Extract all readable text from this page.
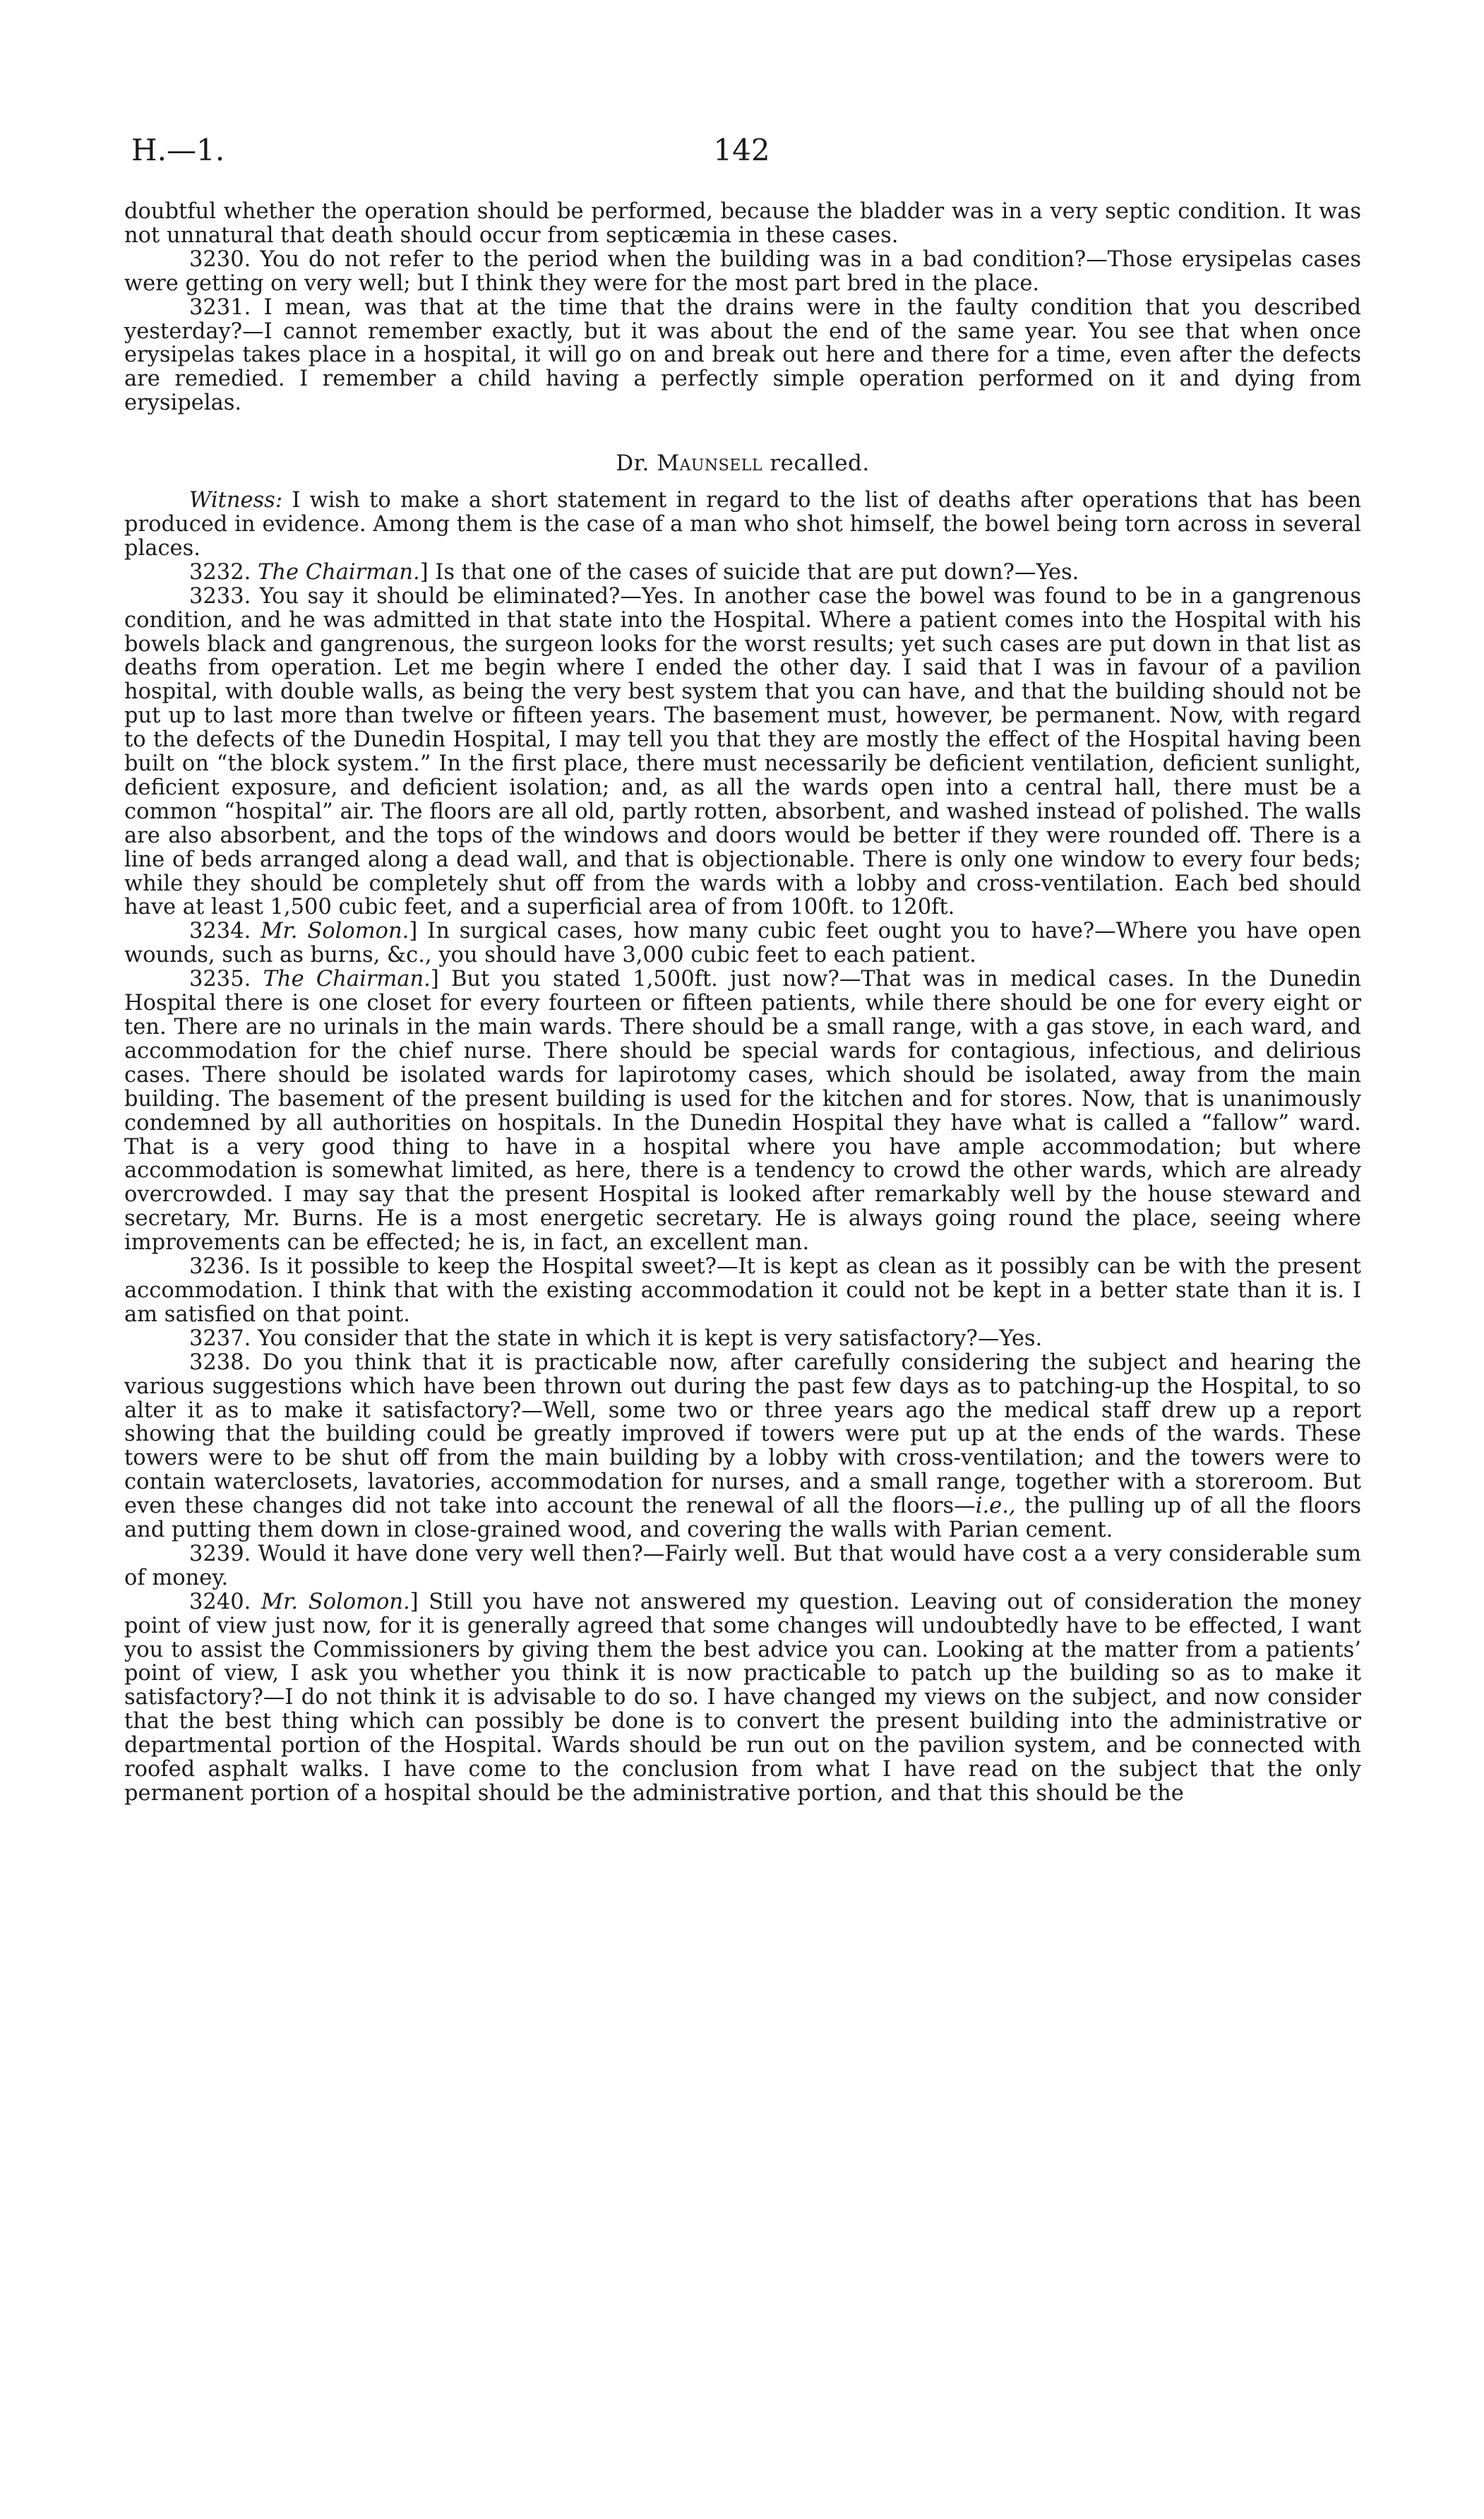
H.—1.	142

doubtful whether the operation should be performed, because the bladder was in a very septic condition. It was not unnatural that death should occur from septicæmia in these cases.

3230. You do not refer to the period when the building was in a bad condition?—Those erysipelas cases were getting on very well; but I think they were for the most part bred in the place.

3231. I mean, was that at the time that the drains were in the faulty condition that you described yesterday?—I cannot remember exactly, but it was about the end of the same year. You see that when once erysipelas takes place in a hospital, it will go on and break out here and there for a time, even after the defects are remedied. I remember a child having a perfectly simple operation performed on it and dying from erysipelas.

Dr. Maunsell recalled.

Witness: I wish to make a short statement in regard to the list of deaths after operations that has been produced in evidence. Among them is the case of a man who shot himself, the bowel being torn across in several places.

3232. The Chairman.] Is that one of the cases of suicide that are put down?—Yes.

3233. You say it should be eliminated?—Yes. In another case the bowel was found to be in a gangrenous condition, and he was admitted in that state into the Hospital. Where a patient comes into the Hospital with his bowels black and gangrenous, the surgeon looks for the worst results; yet such cases are put down in that list as deaths from operation. Let me begin where I ended the other day. I said that I was in favour of a pavilion hospital, with double walls, as being the very best system that you can have, and that the building should not be put up to last more than twelve or fifteen years. The basement must, however, be permanent. Now, with regard to the defects of the Dunedin Hospital, I may tell you that they are mostly the effect of the Hospital having been built on “the block system.” In the first place, there must necessarily be deficient ventilation, deficient sunlight, deficient exposure, and deficient isolation; and, as all the wards open into a central hall, there must be a common “hospital” air. The floors are all old, partly rotten, absorbent, and washed instead of polished. The walls are also absorbent, and the tops of the windows and doors would be better if they were rounded off. There is a line of beds arranged along a dead wall, and that is objectionable. There is only one window to every four beds; while they should be completely shut off from the wards with a lobby and cross-ventilation. Each bed should have at least 1,500 cubic feet, and a superficial area of from 100ft. to 120ft.

3234. Mr. Solomon.] In surgical cases, how many cubic feet ought you to have?—Where you have open wounds, such as burns, &c., you should have 3,000 cubic feet to each patient.

3235. The Chairman.] But you stated 1,500ft. just now?—That was in medical cases. In the Dunedin Hospital there is one closet for every fourteen or fifteen patients, while there should be one for every eight or ten. There are no urinals in the main wards. There should be a small range, with a gas stove, in each ward, and accommodation for the chief nurse. There should be special wards for contagious, infectious, and delirious cases. There should be isolated wards for lapirotomy cases, which should be isolated, away from the main building. The basement of the present building is used for the kitchen and for stores. Now, that is unanimously condemned by all authorities on hospitals. In the Dunedin Hospital they have what is called a “fallow” ward. That is a very good thing to have in a hospital where you have ample accommodation; but where accommodation is somewhat limited, as here, there is a tendency to crowd the other wards, which are already overcrowded. I may say that the present Hospital is looked after remarkably well by the house steward and secretary, Mr. Burns. He is a most energetic secretary. He is always going round the place, seeing where improvements can be effected; he is, in fact, an excellent man.

3236. Is it possible to keep the Hospital sweet?—It is kept as clean as it possibly can be with the present accommodation. I think that with the existing accommodation it could not be kept in a better state than it is. I am satisfied on that point.

3237. You consider that the state in which it is kept is very satisfactory?—Yes.

3238. Do you think that it is practicable now, after carefully considering the subject and hearing the various suggestions which have been thrown out during the past few days as to patching-up the Hospital, to so alter it as to make it satisfactory?—Well, some two or three years ago the medical staff drew up a report showing that the building could be greatly improved if towers were put up at the ends of the wards. These towers were to be shut off from the main building by a lobby with cross-ventilation; and the towers were to contain waterclosets, lavatories, accommodation for nurses, and a small range, together with a storeroom. But even these changes did not take into account the renewal of all the floors—i.e., the pulling up of all the floors and putting them down in close-grained wood, and covering the walls with Parian cement.

3239. Would it have done very well then?—Fairly well. But that would have cost a a very considerable sum of money.

3240. Mr. Solomon.] Still you have not answered my question. Leaving out of consideration the money point of view just now, for it is generally agreed that some changes will undoubtedly have to be effected, I want you to assist the Commissioners by giving them the best advice you can. Looking at the matter from a patients’ point of view, I ask you whether you think it is now practicable to patch up the building so as to make it satisfactory?—I do not think it is advisable to do so. I have changed my views on the subject, and now consider that the best thing which can possibly be done is to convert the present building into the administrative or departmental portion of the Hospital. Wards should be run out on the pavilion system, and be connected with roofed asphalt walks. I have come to the conclusion from what I have read on the subject that the only permanent portion of a hospital should be the administrative portion, and that this should be the
